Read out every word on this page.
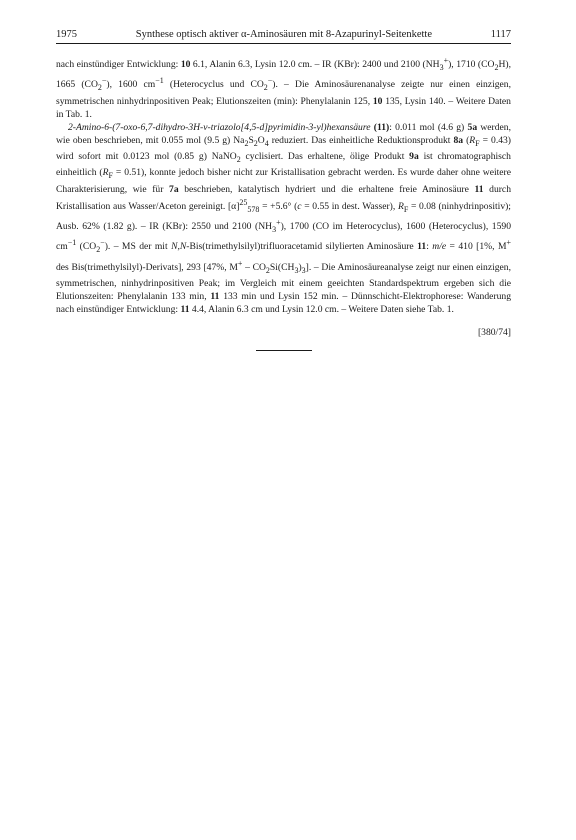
1975	Synthese optisch aktiver α-Aminosäuren mit 8-Azapurinyl-Seitenkette	1117

nach einstündiger Entwicklung: 10 6.1, Alanin 6.3, Lysin 12.0 cm. – IR (KBr): 2400 und 2100 $(NH_3^+)$, 1710 $(CO_2H)$, 1665 $(CO_2^-)$, 1600 $cm^{-1}$ (Heterocyclus und $CO_2^-$). – Die Aminosäurenanalyse zeigte nur einen einzigen, symmetrischen ninhydrinpositiven Peak; Elutionszeiten (min): Phenylalanin 125, 10 135, Lysin 140. – Weitere Daten in Tab. 1.

2-Amino-6-(7-oxo-6,7-dihydro-3H-v-triazolo[4,5-d]pyrimidin-3-yl)hexansäure (11): 0.011 mol (4.6 g) 5a werden, wie oben beschrieben, mit 0.055 mol (9.5 g) $Na_2S_2O_4$ reduziert. Das einheitliche Reduktionsprodukt 8a $(R_F = 0.43)$ wird sofort mit 0.0123 mol (0.85 g) NaNO$_2$ cyclisiert. Das erhaltene, ölige Produkt 9a ist chromatographisch einheitlich $(R_F = 0.51)$, konnte jedoch bisher nicht zur Kristallisation gebracht werden. Es wurde daher ohne weitere Charakterisierung, wie für 7a beschrieben, katalytisch hydriert und die erhaltene freie Aminosäure 11 durch Kristallisation aus Wasser/Aceton gereinigt. $[\alpha]^{25}_{578} = +5.6^\circ$ (c = 0.55 in dest. Wasser), $R_F = 0.08$ (ninhydrinpositiv); Ausb. 62% (1.82 g). – IR (KBr): 2550 und 2100 $(NH_3^+)$, 1700 (CO im Heterocyclus), 1600 (Heterocyclus), 1590 $cm^{-1}$ $(CO_2^-)$. – MS der mit N,N-Bis(trimethylsilyl)trifluoracetamid silylierten Aminosäure 11: m/e = 410 [1%, M+ des Bis(trimethylsilyl)-Derivats], 293 [47%, $M^+ - CO_2Si(CH_3)_3$]. – Die Aminosäureanalyse zeigt nur einen einzigen, symmetrischen, ninhydrinpositiven Peak; im Vergleich mit einem geeichten Standardspektrum ergeben sich die Elutionszeiten: Phenylalanin 133 min, 11 133 min und Lysin 152 min. – Dünnschicht-Elektrophorese: Wanderung nach einstündiger Entwicklung: 11 4.4, Alanin 6.3 cm und Lysin 12.0 cm. – Weitere Daten siehe Tab. 1.

[380/74]
